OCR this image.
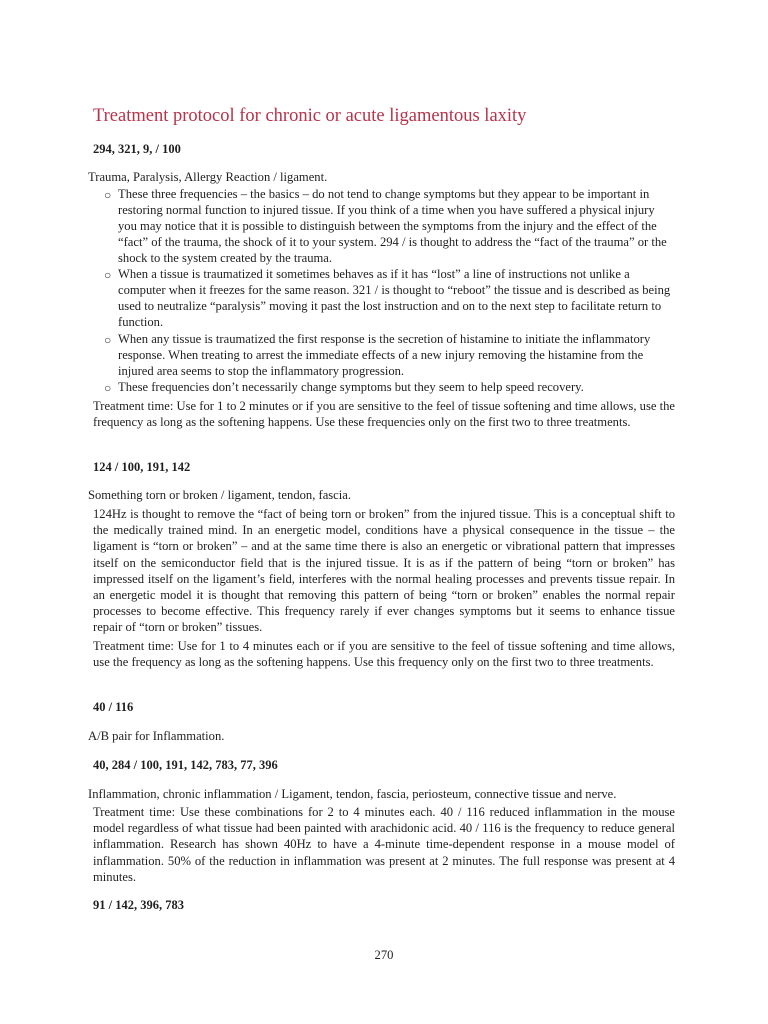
Treatment protocol for chronic or acute ligamentous laxity

294, 321, 9, / 100

Trauma, Paralysis, Allergy Reaction / ligament.

○ These three frequencies – the basics – do not tend to change symptoms but they appear to be important in restoring normal function to injured tissue. If you think of a time when you have suffered a physical injury you may notice that it is possible to distinguish between the symptoms from the injury and the effect of the “fact” of the trauma, the shock of it to your system. 294 / is thought to address the “fact of the trauma” or the shock to the system created by the trauma.

○ When a tissue is traumatized it sometimes behaves as if it has “lost” a line of instructions not unlike a computer when it freezes for the same reason. 321 / is thought to “reboot” the tissue and is described as being used to neutralize “paralysis” moving it past the lost instruction and on to the next step to facilitate return to function.

○ When any tissue is traumatized the first response is the secretion of histamine to initiate the inflammatory response. When treating to arrest the immediate effects of a new injury removing the histamine from the injured area seems to stop the inflammatory progression.

○ These frequencies don’t necessarily change symptoms but they seem to help speed recovery.

Treatment time: Use for 1 to 2 minutes or if you are sensitive to the feel of tissue softening and time allows, use the frequency as long as the softening happens. Use these frequencies only on the first two to three treatments.

124 / 100, 191, 142

Something torn or broken / ligament, tendon, fascia.

124Hz is thought to remove the “fact of being torn or broken” from the injured tissue. This is a conceptual shift to the medically trained mind. In an energetic model, conditions have a physical consequence in the tissue – the ligament is “torn or broken” – and at the same time there is also an energetic or vibrational pattern that impresses itself on the semiconductor field that is the injured tissue. It is as if the pattern of being “torn or broken” has impressed itself on the ligament’s field, interferes with the normal healing processes and prevents tissue repair. In an energetic model it is thought that removing this pattern of being “torn or broken” enables the normal repair processes to become effective. This frequency rarely if ever changes symptoms but it seems to enhance tissue repair of “torn or broken” tissues.

Treatment time: Use for 1 to 4 minutes each or if you are sensitive to the feel of tissue softening and time allows, use the frequency as long as the softening happens. Use this frequency only on the first two to three treatments.

40 / 116

A/B pair for Inflammation.

40, 284 / 100, 191, 142, 783, 77, 396

Inflammation, chronic inflammation / Ligament, tendon, fascia, periosteum, connective tissue and nerve.

Treatment time: Use these combinations for 2 to 4 minutes each. 40 / 116 reduced inflammation in the mouse model regardless of what tissue had been painted with arachidonic acid. 40 / 116 is the frequency to reduce general inflammation. Research has shown 40Hz to have a 4-minute time-dependent response in a mouse model of inflammation. 50% of the reduction in inflammation was present at 2 minutes. The full response was present at 4 minutes.

91 / 142, 396, 783

270
